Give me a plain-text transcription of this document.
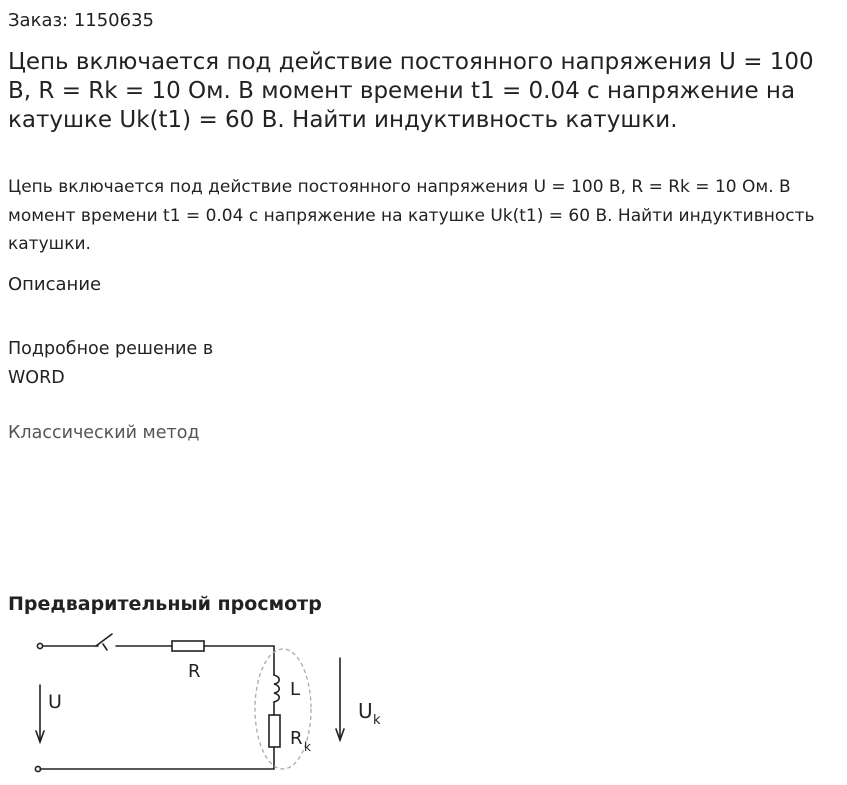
Заказ: 1150635
Цепь включается под действие постоянного напряжения U = 100 В, R = Rk = 10 Ом. В момент времени t1 = 0.04 с напряжение на катушке Uk(t1) = 60 В. Найти индуктивность катушки.

Цепь включается под действие постоянного напряжения U = 100 В, R = Rk = 10 Ом. В момент времени t1 = 0.04 с напряжение на катушке Uk(t1) = 60 В. Найти индуктивность катушки.

Описание

Подробное решение в WORD

Классический метод
Предварительный просмотр
U
R
L
R k
U k
